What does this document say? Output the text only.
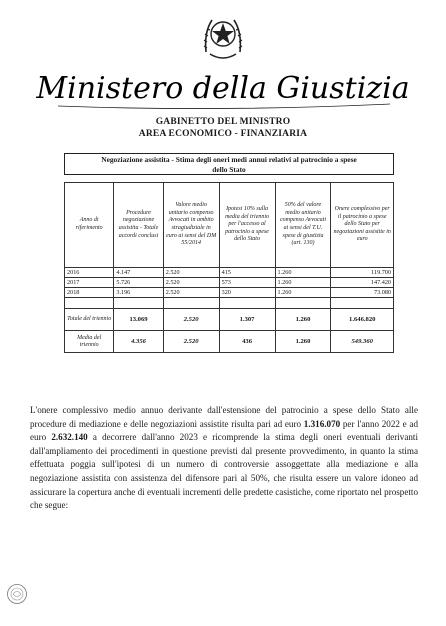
Ministero della Giustizia
GABINETTO DEL MINISTRO
AREA ECONOMICO - FINANZIARIA
Negoziazione assistita - Stima degli oneri medi annui relativi al patrocinio a spese
dello Stato
Anno di riferimento	Procedure negoziazione assistita - Totale accordi conclusi	Valore medio unitario compenso Avvocati in ambito stragiudiziale in euro ai sensi del DM 55/2014	Ipotesi 10% sulla media del triennio per l'accesso al patrocinio a spese dello Stato	50% del valore medio unitario compenso Avvocati ai sensi del T.U. spese di giustizia (art. 130)	Onere complessivo per il patrocinio a spese dello Stato per negoziazioni assistite in euro
2016	4.147	2.520	415	1.260	119.700
2017	5.726	2.520	573	1.260	147.420
2018	3.196	2.520	320	1.260	73.080

Totale del triennio	13.069	2.520	1.307	1.260	1.646.820
Media del triennio	4.356	2.520	436	1.260	549.360

L'onere complessivo medio annuo derivante dall'estensione del patrocinio a spese dello Stato alle procedure di mediazione e delle negoziazioni assistite risulta pari ad euro 1.316.070 per l'anno 2022 e ad euro 2.632.140 a decorrere dall'anno 2023 e ricomprende la stima degli oneri eventuali derivanti dall'ampliamento dei procedimenti in questione previsti dal presente provvedimento, in quanto la stima effettuata poggia sull'ipotesi di un numero di controversie assoggettate alla mediazione e alla negoziazione assistita con assistenza del difensore pari al 50%, che risulta essere un valore idoneo ad assicurare la copertura anche di eventuali incrementi delle predette casistiche, come riportato nel prospetto che segue:
